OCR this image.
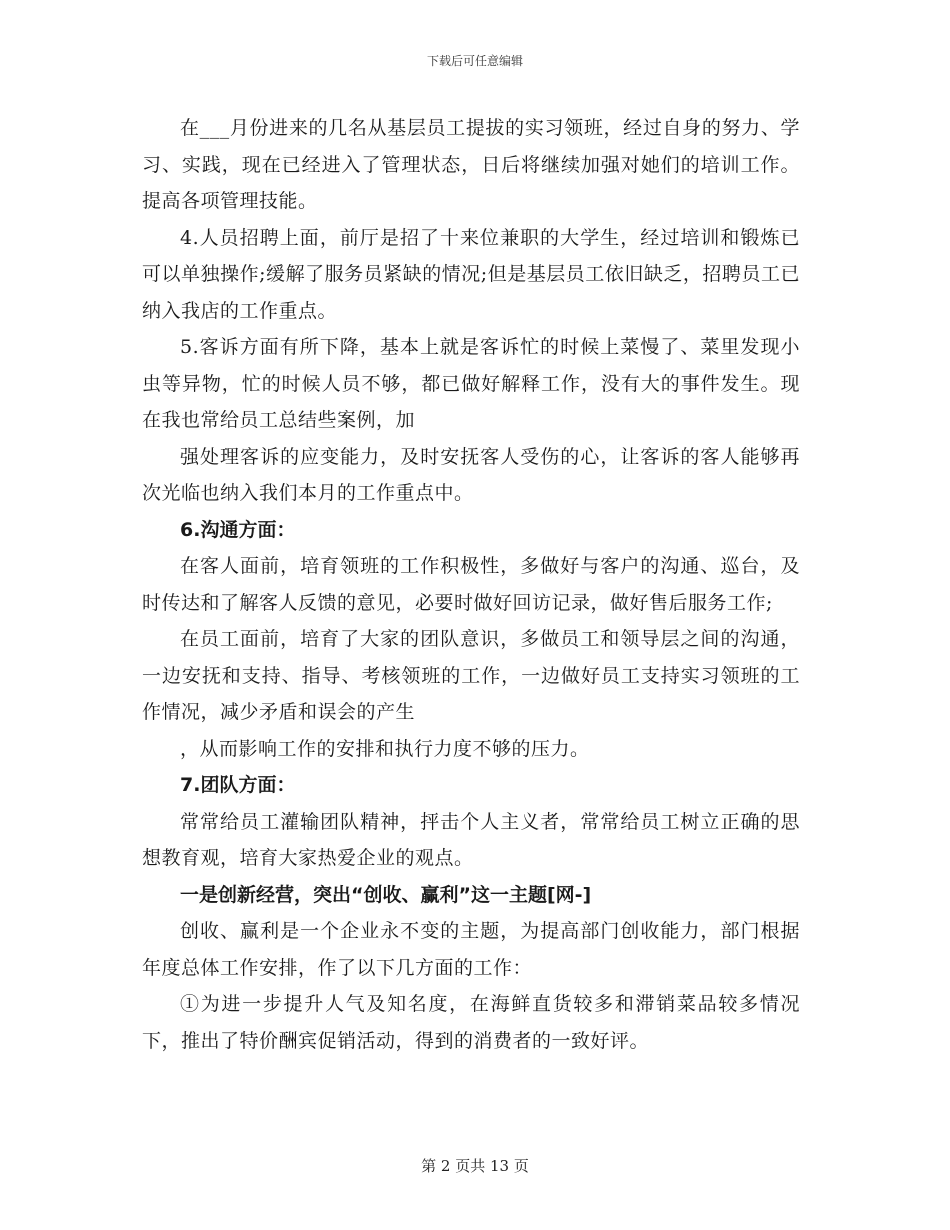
下载后可任意编辑

在___月份进来的几名从基层员工提拔的实习领班，经过自身的努力、学习、实践，现在已经进入了管理状态，日后将继续加强对她们的培训工作。提高各项管理技能。

4.人员招聘上面，前厅是招了十来位兼职的大学生，经过培训和锻炼已可以单独操作;缓解了服务员紧缺的情况;但是基层员工依旧缺乏，招聘员工已纳入我店的工作重点。

5.客诉方面有所下降，基本上就是客诉忙的时候上菜慢了、菜里发现小虫等异物，忙的时候人员不够，都已做好解释工作，没有大的事件发生。现在我也常给员工总结些案例，加

强处理客诉的应变能力，及时安抚客人受伤的心，让客诉的客人能够再次光临也纳入我们本月的工作重点中。

6.沟通方面：

在客人面前，培育领班的工作积极性，多做好与客户的沟通、巡台，及时传达和了解客人反馈的意见，必要时做好回访记录，做好售后服务工作;

在员工面前，培育了大家的团队意识，多做员工和领导层之间的沟通，一边安抚和支持、指导、考核领班的工作，一边做好员工支持实习领班的工作情况，减少矛盾和误会的产生

，从而影响工作的安排和执行力度不够的压力。

7.团队方面：

常常给员工灌输团队精神，抨击个人主义者，常常给员工树立正确的思想教育观，培育大家热爱企业的观点。

一是创新经营，突出“创收、赢利”这一主题[网-]

创收、赢利是一个企业永不变的主题，为提高部门创收能力，部门根据年度总体工作安排，作了以下几方面的工作：

①为进一步提升人气及知名度，在海鲜直货较多和滞销菜品较多情况下，推出了特价酬宾促销活动，得到的消费者的一致好评。

第 2 页共 13 页
